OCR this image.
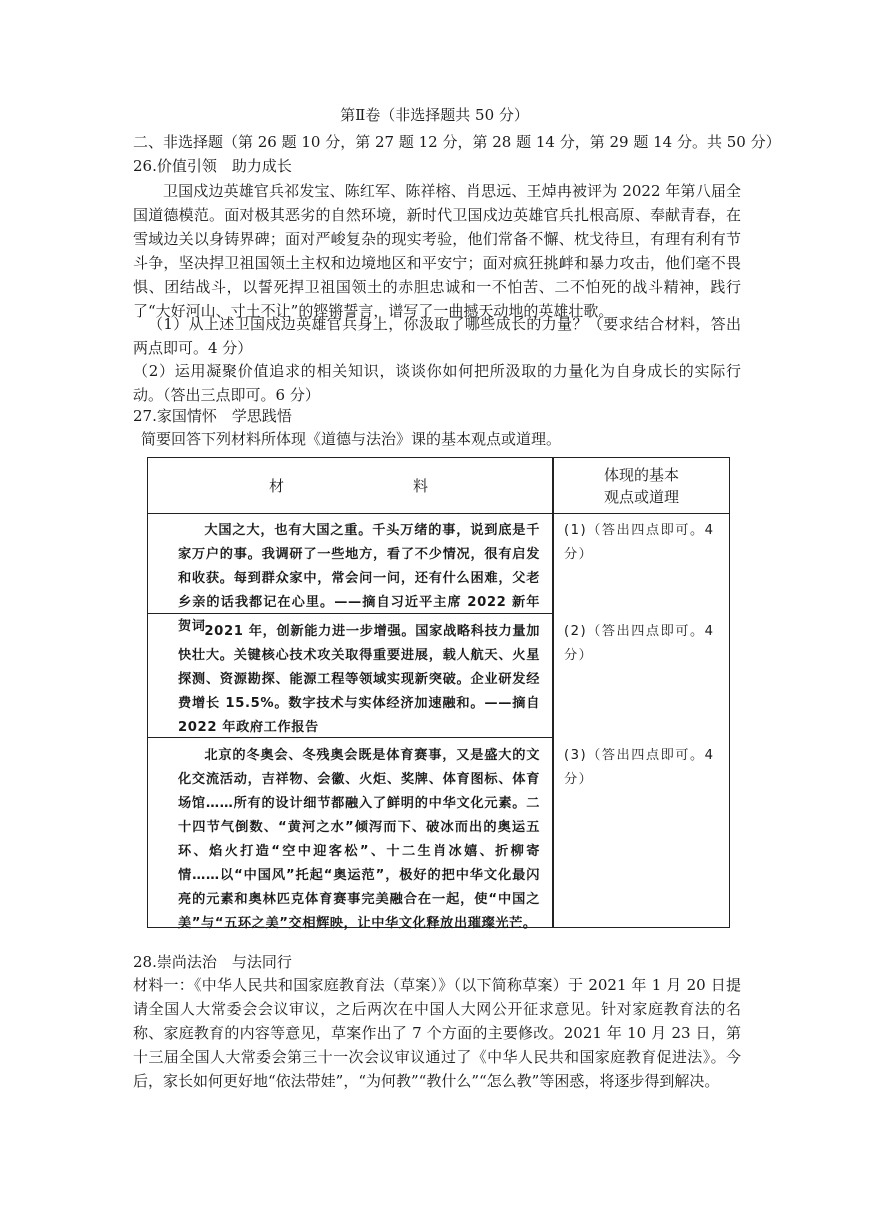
第Ⅱ卷（非选择题共 50 分）
二、非选择题（第 26 题 10 分，第 27 题 12 分，第 28 题 14 分，第 29 题 14 分。共 50 分）
26.价值引领　助力成长
卫国戍边英雄官兵祁发宝、陈红军、陈祥榕、肖思远、王焯冉被评为 2022 年第八届全国道德模范。面对极其恶劣的自然环境，新时代卫国戍边英雄官兵扎根高原、奉献青春，在雪域边关以身铸界碑；面对严峻复杂的现实考验，他们常备不懈、枕戈待旦，有理有利有节斗争，坚决捍卫祖国领土主权和边境地区和平安宁；面对疯狂挑衅和暴力攻击，他们毫不畏惧、团结战斗，以誓死捍卫祖国领土的赤胆忠诚和一不怕苦、二不怕死的战斗精神，践行了“大好河山、寸土不让”的铿锵誓言，谱写了一曲撼天动地的英雄壮歌。
（1）从上述卫国戍边英雄官兵身上，你汲取了哪些成长的力量？（要求结合材料，答出两点即可。4 分）
（2）运用凝聚价值追求的相关知识，谈谈你如何把所汲取的力量化为自身成长的实际行动。（答出三点即可。6 分）
27.家国情怀　学思践悟
简要回答下列材料所体现《道德与法治》课的基本观点或道理。
材　　料
体现的基本
观点或道理

大国之大，也有大国之重。千头万绪的事，说到底是千家万户的事。我调研了一些地方，看了不少情况，很有启发和收获。每到群众家中，常会问一问，还有什么困难，父老乡亲的话我都记在心里。——摘自习近平主席 2022 新年贺词

(1)（答出四点即可。4分）

2021 年，创新能力进一步增强。国家战略科技力量加快壮大。关键核心技术攻关取得重要进展，载人航天、火星探测、资源勘探、能源工程等领域实现新突破。企业研发经费增长 15.5%。数字技术与实体经济加速融和。——摘自 2022 年政府工作报告

(2)（答出四点即可。4分）

北京的冬奥会、冬残奥会既是体育赛事，又是盛大的文化交流活动，吉祥物、会徽、火炬、奖牌、体育图标、体育场馆……所有的设计细节都融入了鲜明的中华文化元素。二十四节气倒数、“黄河之水”倾泻而下、破冰而出的奥运五环、焰火打造“空中迎客松”、十二生肖冰嬉、折柳寄情……以“中国风”托起“奥运范”，极好的把中华文化最闪亮的元素和奥林匹克体育赛事完美融合在一起，使“中国之美”与“五环之美”交相辉映，让中华文化释放出璀璨光芒。

(3)（答出四点即可。4分）
28.崇尚法治　与法同行
材料一：《中华人民共和国家庭教育法（草案）》（以下简称草案）于 2021 年 1 月 20 日提请全国人大常委会会议审议，之后两次在中国人大网公开征求意见。针对家庭教育法的名称、家庭教育的内容等意见，草案作出了 7 个方面的主要修改。2021 年 10 月 23 日，第十三届全国人大常委会第三十一次会议审议通过了《中华人民共和国家庭教育促进法》。今后，家长如何更好地“依法带娃”，“为何教”“教什么”“怎么教”等困惑，将逐步得到解决。
